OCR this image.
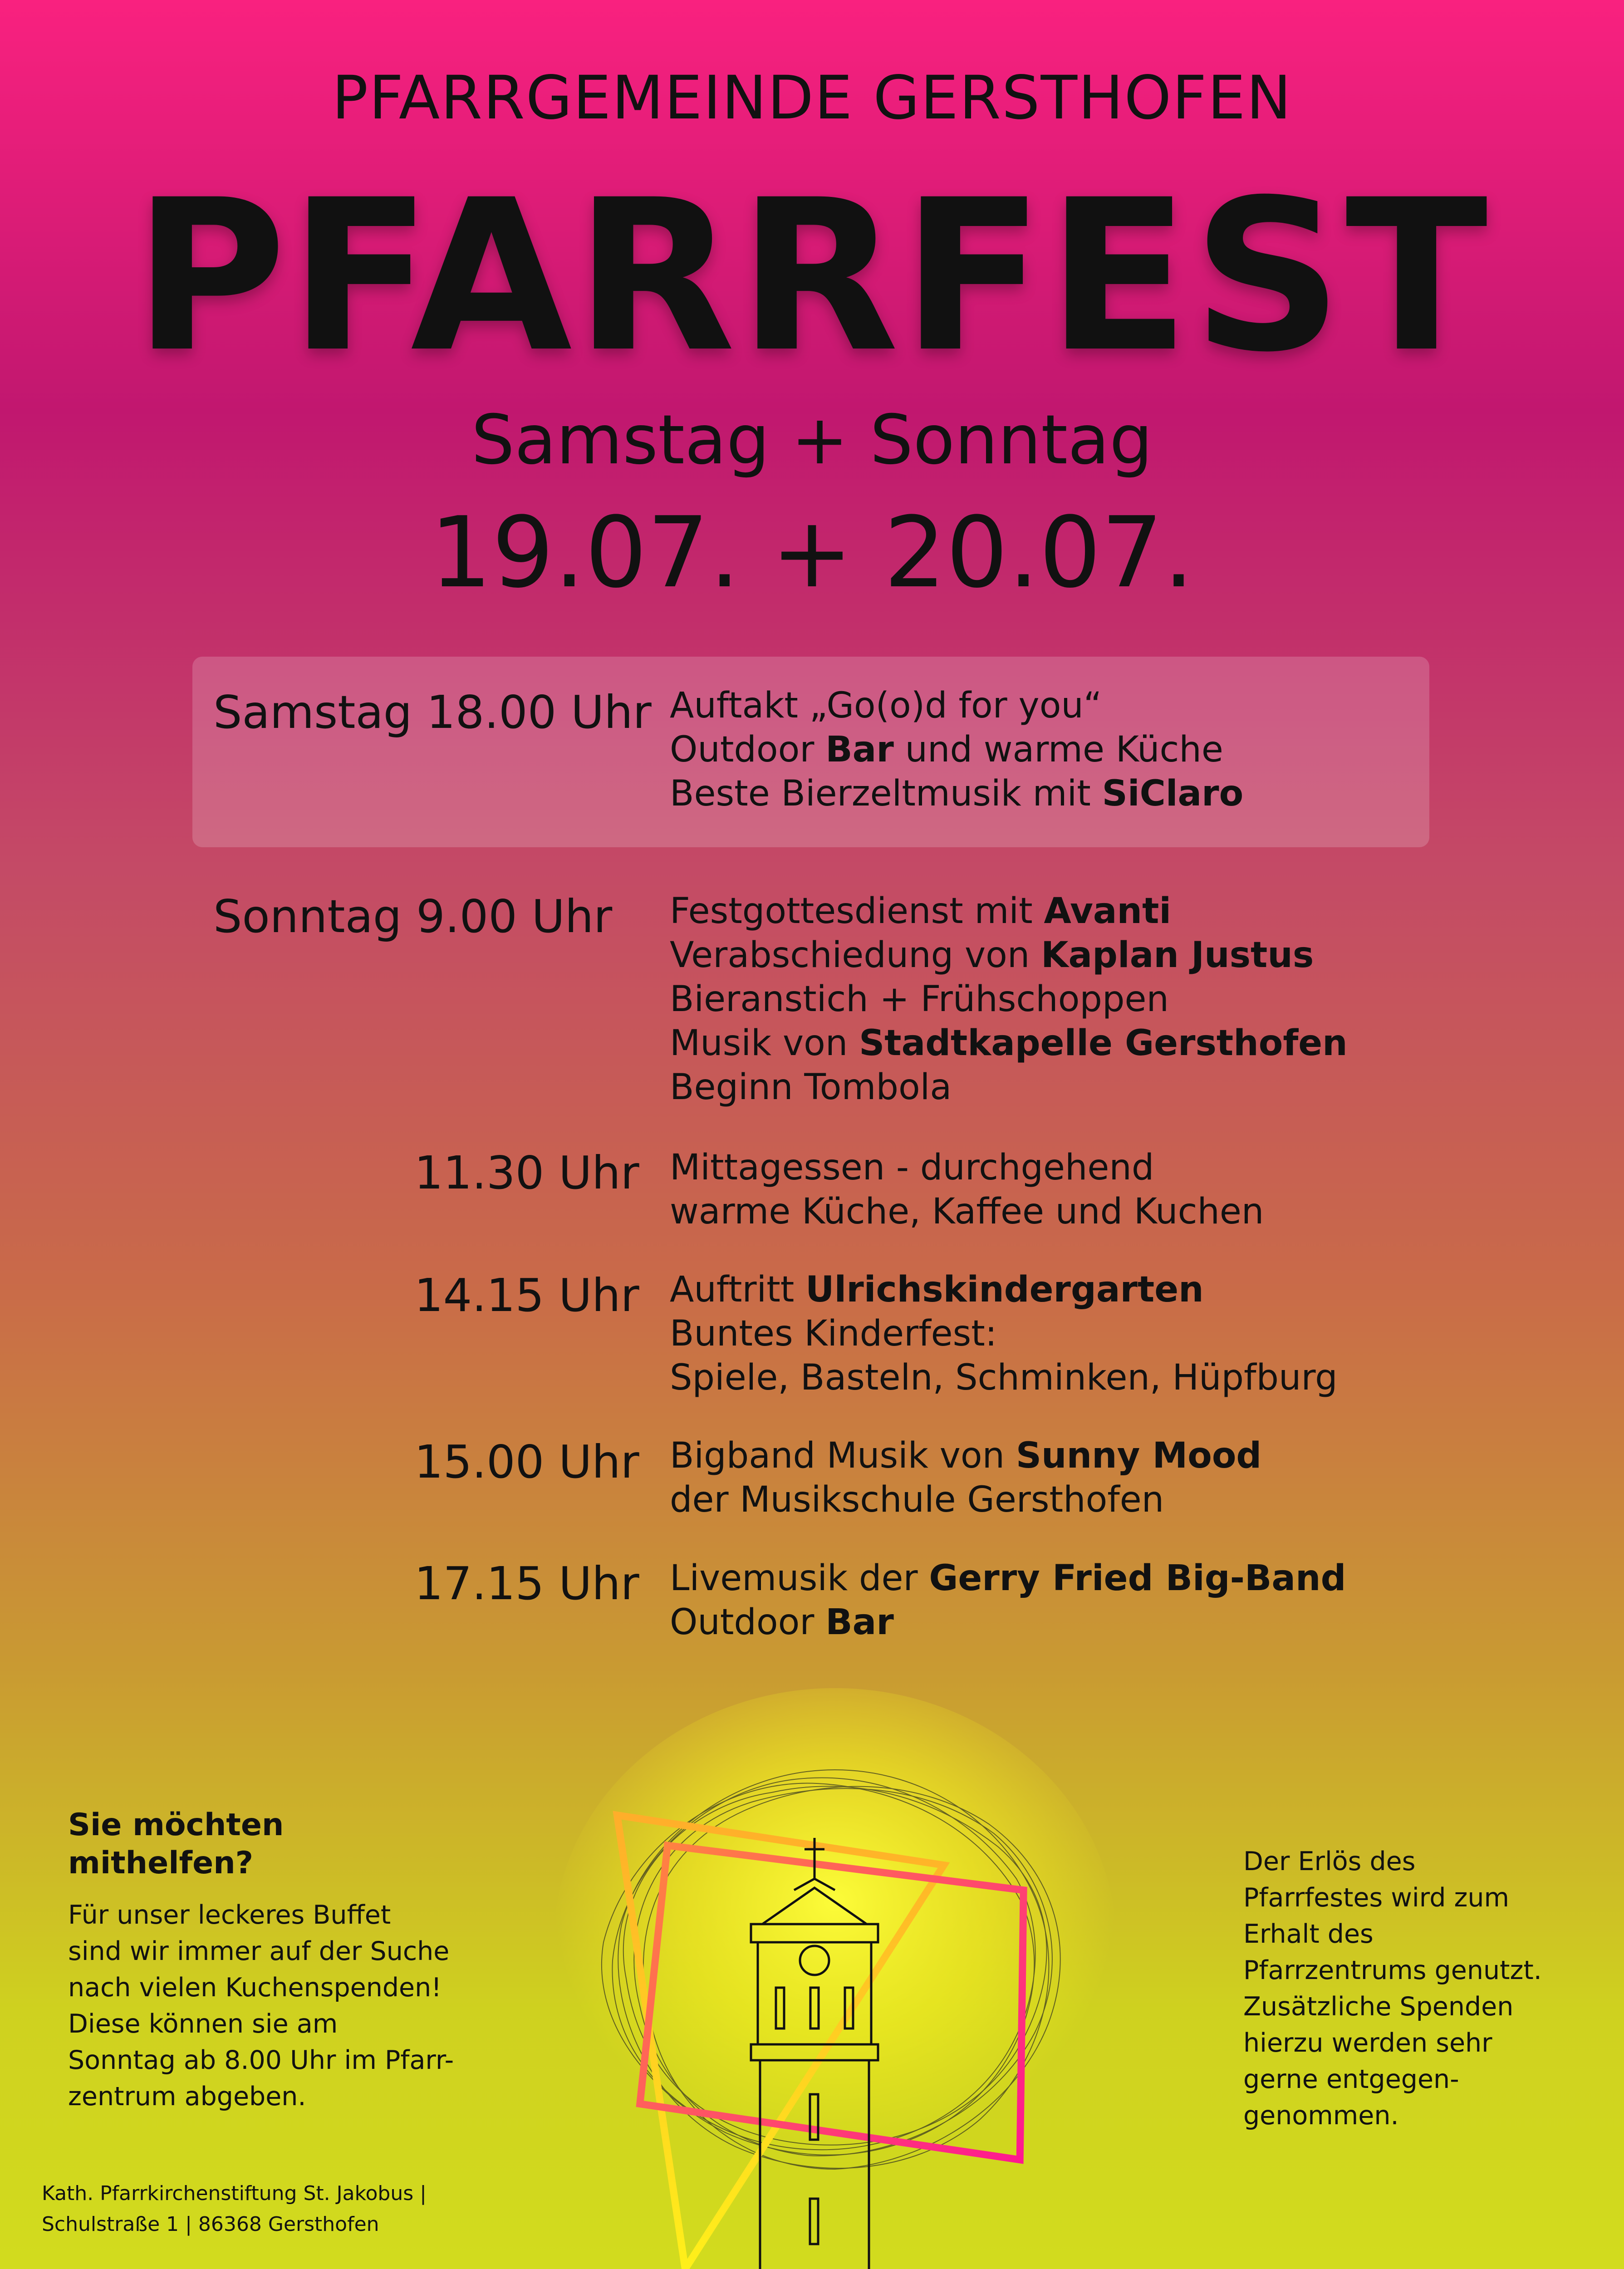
PFARRGEMEINDE GERSTHOFEN
PFARRFEST
Samstag + Sonntag
19.07. + 20.07.
Samstag 18.00 Uhr Auftakt „Go(o)d for you“
Outdoor Bar und warme Küche
Beste Bierzeltmusik mit SiClaro
Sonntag 9.00 Uhr Festgottesdienst mit Avanti
Verabschiedung von Kaplan Justus
Bieranstich + Frühschoppen
Musik von Stadtkapelle Gersthofen
Beginn Tombola
11.30 Uhr Mittagessen - durchgehend
warme Küche, Kaffee und Kuchen
14.15 Uhr Auftritt Ulrichskindergarten
Buntes Kinderfest:
Spiele, Basteln, Schminken, Hüpfburg
15.00 Uhr Bigband Musik von Sunny Mood
der Musikschule Gersthofen
17.15 Uhr Livemusik der Gerry Fried Big-Band
Outdoor Bar
Sie möchten
mithelfen?
Für unser leckeres Buffet
sind wir immer auf der Suche
nach vielen Kuchenspenden!
Diese können sie am
Sonntag ab 8.00 Uhr im Pfarr-
zentrum abgeben.
Der Erlös des
Pfarrfestes wird zum
Erhalt des
Pfarrzentrums genutzt.
Zusätzliche Spenden
hierzu werden sehr
gerne entgegen-
genommen.
Kath. Pfarrkirchenstiftung St. Jakobus |
Schulstraße 1 | 86368 Gersthofen
